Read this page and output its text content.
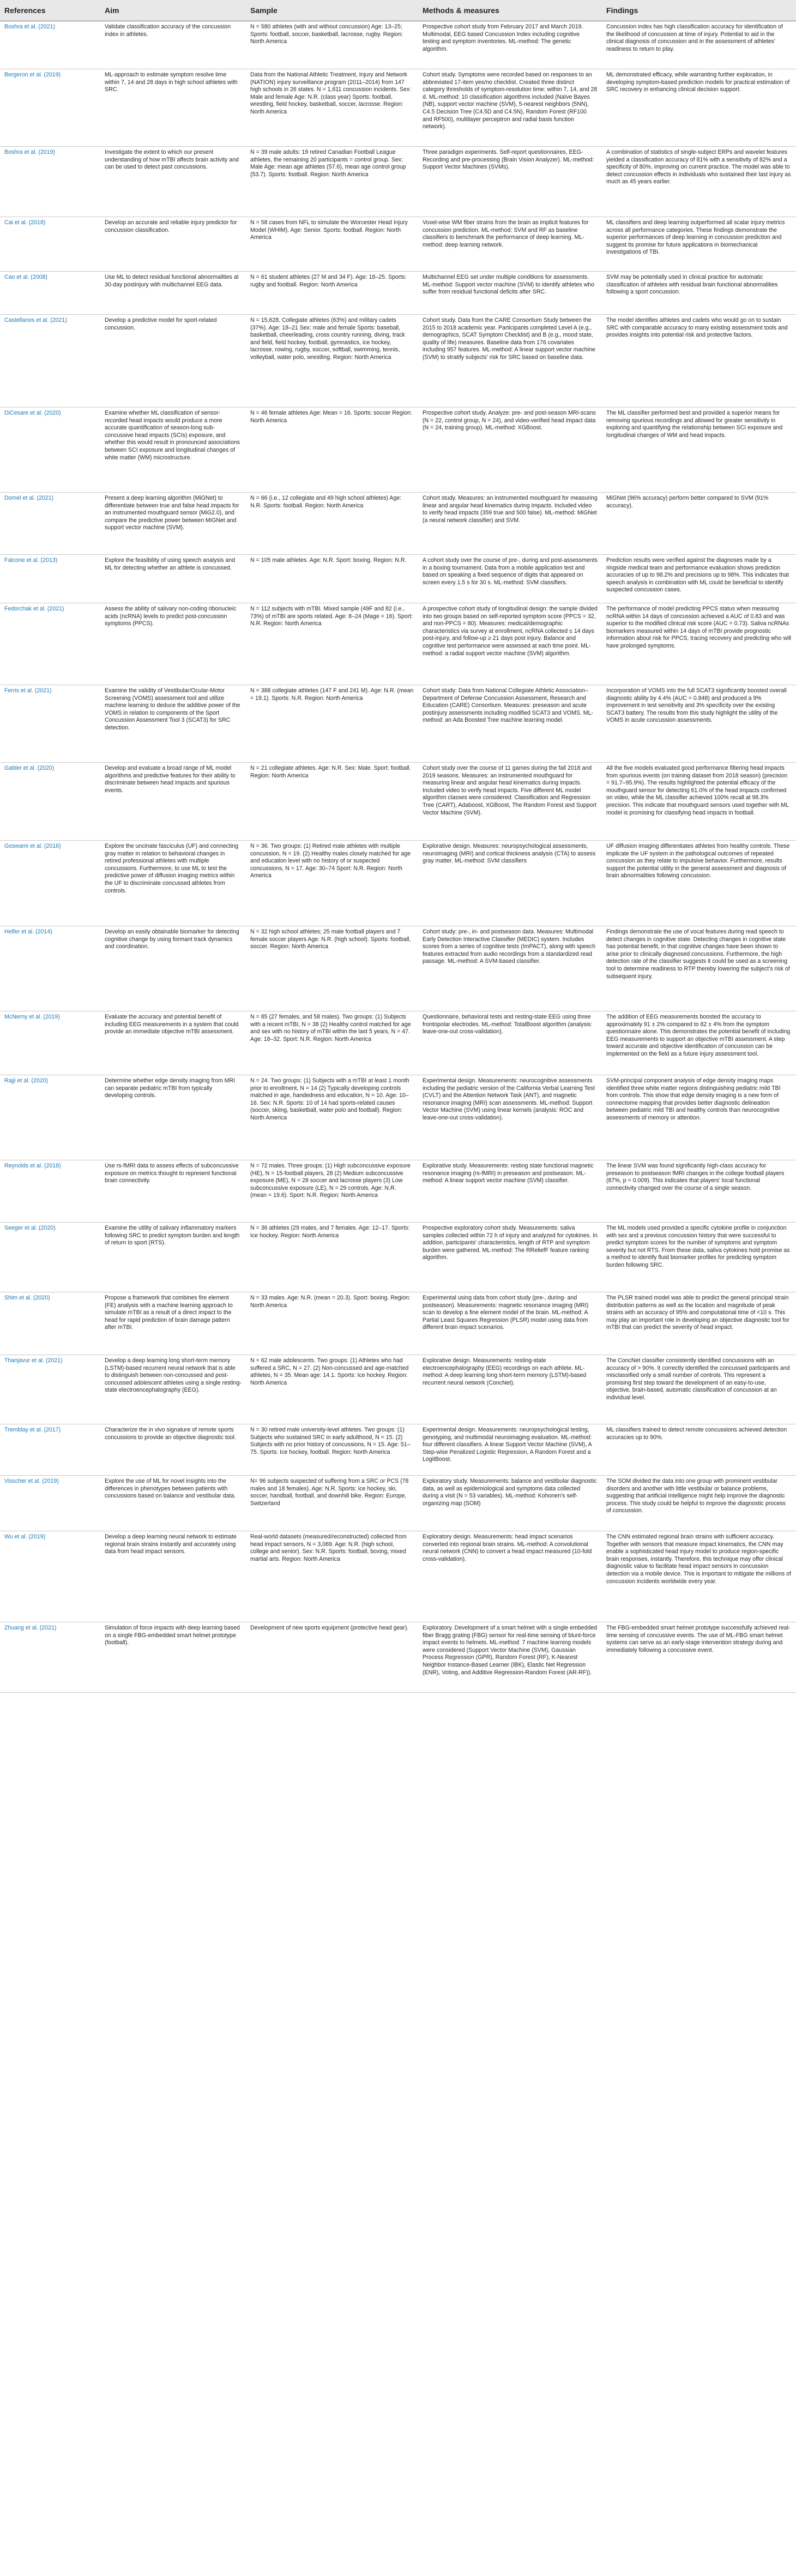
References	Aim	Sample	Methods & measures	Findings
Boshra et al. (2021)	Validate classification accuracy of the concussion index in athletes.
N = 580 athletes (with and without concussion) Age: 13–25; Sports: football, soccer, basketball, lacrosse, rugby. Region: North America
Prospective cohort study from February 2017 and March 2019. Multimodal, EEG based Concussion Index including cognitive testing and symptom inventories. ML-method: The genetic algorithm.
Concussion index has high classification accuracy for identification of the likelihood of concussion at time of injury. Potential to aid in the clinical diagnosis of concussion and in the assessment of athletes' readiness to return to play.
Bergeron et al. (2019)	ML-approach to estimate symptom resolve time within 7, 14 and 28 days in high school athletes with SRC.
Data from the National Athletic Treatment, Injury and Network (NATION) injury surveillance program (2011–2014) from 147 high schools in 26 states. N = 1,611 concussion incidents. Sex: Male and female Age: N.R. (class year) Sports: football, wrestling, field hockey, basketball, soccer, lacrosse. Region: North America
Cohort study. Symptoms were recorded based on responses to an abbreviated 17-item yes/no checklist. Created three distinct category thresholds of symptom-resolution time: within 7, 14, and 28 d. ML-method: 10 classification algorithms included (Naïve Bayes (NB), support vector machine (SVM), 5-nearest neighbors (5NN), C4.5 Decision Tree (C4.5D and C4.5N), Random Forest (RF100 and RF500), multilayer perceptron and radial basis function network).
ML demonstrated efficacy, while warranting further exploration, in developing symptom-based prediction models for practical estimation of SRC recovery in enhancing clinical decision support.
Boshra et al. (2019)	Investigate the extent to which our present understanding of how mTBI affects brain activity and can be used to detect past concussions.
N = 39 male adults: 19 retired Canadian Football League athletes, the remaining 20 participants = control group. Sex: Male Age: mean age athletes (57.6), mean age control group (53.7). Sports: football. Region: North America
Three paradigm experiments. Self-report questionnaires, EEG-Recording and pre-processing (Brain Vision Analyzer). ML-method: Support Vector Machines (SVMs).
A combination of statistics of single-subject ERPs and wavelet features yielded a classification accuracy of 81% with a sensitivity of 82% and a specificity of 80%, improving on current practice. The model was able to detect concussion effects in individuals who sustained their last injury as much as 45 years earlier.
Cai et al. (2018)	Develop an accurate and reliable injury predictor for concussion classification.
N = 58 cases from NFL to simulate the Worcester Head Injury Model (WHIM). Age: Senior. Sports: football. Region: North America
Voxel-wise WM fiber strains from the brain as implicit features for concussion prediction. ML-method: SVM and RF as baseline classifiers to benchmark the performance of deep learning. ML-method: deep learning network.
ML classifiers and deep learning outperformed all scalar injury metrics across all performance categories. These findings demonstrate the superior performances of deep learning in concussion prediction and suggest its promise for future applications in biomechanical investigations of TBI.
Cao et al. (2008)	Use ML to detect residual functional abnormalities at 30-day postinjury with multichannel EEG data.
N = 61 student athletes (27 M and 34 F). Age: 18–25. Sports: rugby and football. Region: North America
Multichannel EEG set under multiple conditions for assessments. ML-method: Support vector machine (SVM) to identify athletes who suffer from residual functional deficits after SRC.
SVM may be potentially used in clinical practice for automatic classification of athletes with residual brain functional abnormalities following a sport concussion.
Castellanos et al. (2021)	Develop a predictive model for sport-related concussion.
N = 15,628. Collegiate athletes (63%) and military cadets (37%). Age: 18–21 Sex: male and female Sports: baseball, basketball, cheerleading, cross country running, diving, track and field, field hockey, football, gymnastics, ice hockey, lacrosse, rowing, rugby, soccer, softball, swimming, tennis, volleyball, water polo, wrestling. Region: North America
Cohort study. Data from the CARE Consortium Study between the 2015 to 2018 academic year. Participants completed Level A (e.g., demographics, SCAT Symptom Checklist) and B (e.g., mood state, quality of life) measures. Baseline data from 176 covariates including 957 features. ML-method: A linear support vector machine (SVM) to stratify subjects' risk for SRC based on baseline data.
The model identifies athletes and cadets who would go on to sustain SRC with comparable accuracy to many existing assessment tools and provides insights into potential risk and protective factors.
DiCesare et al. (2020)	Examine whether ML classification of sensor-recorded head impacts would produce a more accurate quantification of season-long sub-concussive head impacts (SCIs) exposure, and whether this would result in pronounced associations between SCI exposure and longitudinal changes of white matter (WM) microstructure.
N = 46 female athletes Age: Mean = 16. Sports: soccer Region: North America
Prospective cohort study. Analyze: pre- and post-season MRI-scans (N = 22, control group, N = 24), and video-verified head impact data (N = 24, training group). ML-method: XGBoost.
The ML classifier performed best and provided a superior means for removing spurious recordings and allowed for greater sensitivity in exploring and quantifying the relationship between SCI exposure and longitudinal changes of WM and head impacts.
Domel et al. (2021)	Present a deep learning algorithm (MiGNet) to differentiate between true and false head impacts for an instrumented mouthguard sensor (MiG2.0), and compare the predictive power between MiGNet and support vector machine (SVM).
N = 66 (i.e., 12 collegiate and 49 high school athletes) Age: N.R. Sports: football. Region: North America
Cohort study. Measures: an instrumented mouthguard for measuring linear and angular head kinematics during impacts. Included video to verify head impacts (359 true and 500 false). ML-method: MiGNet (a neural network classifier) and SVM.
MiGNet (96% accuracy) perform better compared to SVM (91% accuracy).
Falcone et al. (2013)	Explore the feasibility of using speech analysis and ML for detecting whether an athlete is concussed.
N = 105 male athletes. Age: N.R. Sport: boxing. Region: N.R.	A cohort study over the course of pre-, during and post-assessments in a boxing tournament. Data from a mobile application test and based on speaking a fixed sequence of digits that appeared on screen every 1.5 s for 30 s. ML-method: SVM classifiers.
Prediction results were verified against the diagnoses made by a ringside medical team and performance evaluation shows prediction accuracies of up to 98.2% and precisions up to 98%. This indicates that speech analysis in combination with ML could be beneficial to identify suspected concussion cases.
Fedorchak et al. (2021)	Assess the ability of salivary non-coding ribonucleic acids (ncRNA) levels to predict post-concussion symptoms (PPCS).
N = 112 subjects with mTBI. Mixed sample (49F and 82 (i.e., 73%) of mTBI are sports related. Age: 8–24 (Mage = 16). Sport: N.R. Region: North America
A prospective cohort study of longitudinal design: the sample divided into two groups based on self-reported symptom score (PPCS = 32, and non-PPCS = 80). Measures: medical/demographic characteristics via survey at enrollment, ncRNA collected ≤ 14 days post-injury, and follow-up ≥ 21 days post injury. Balance and cognitive test performance were assessed at each time point. ML-method: a radial support vector machine (SVM) algorithm.
The performance of model predicting PPCS status when measuring ncRNA within 14 days of concussion achieved a AUC of 0.83 and was superior to the modified clinical risk score (AUC = 0.73). Saliva ncRNAs biomarkers measured within 14 days of mTBI provide prognostic information about risk for PPCS, tracing recovery and predicting who will have prolonged symptoms.
Ferris et al. (2021)	Examine the validity of Vestibular/Ocular-Motor Screening (VOMS) assessment tool and utilize machine learning to deduce the additive power of the VOMS in relation to components of the Sport Concussion Assessment Tool 3 (SCAT3) for SRC detection.
N = 388 collegiate athletes (147 F and 241 M). Age: N.R. (mean = 19.1). Sports: N.R. Region: North America
Cohort study: Data from National Collegiate Athletic Association–Department of Defense Concussion Assessment, Research and Education (CARE) Consortium. Measures: preseason and acute postinjury assessments including modified SCAT3 and VOMS. ML-method: an Ada Boosted Tree machine learning model.
Incorporation of VOMS into the full SCAT3 significantly boosted overall diagnostic ability by 4.4% (AUC = 0.848) and produced a 9% improvement in test sensitivity and 3% specificity over the existing SCAT3 battery. The results from this study highlight the utility of the VOMS in acute concussion assessments.
Gabler et al. (2020)	Develop and evaluate a broad range of ML model algorithms and predictive features for their ability to discriminate between head impacts and spurious events.
N = 21 collegiate athletes. Age: N.R. Sex: Male. Sport: football. Region: North America
Cohort study over the course of 11 games during the fall 2018 and 2019 seasons. Measures: an instrumented mouthguard for measuring linear and angular head kinematics during impacts. Included video to verify head impacts. Five different ML model algorithm classes were considered: Classification and Regression Tree (CART), Adaboost, XGBoost, The Random Forest and Support Vector Machine (SVM).
All the five models evaluated good performance filtering head impacts from spurious events (on training dataset from 2018 season) (precision = 91.7–95.9%). The results highlighted the potential efficacy of the mouthguard sensor for detecting 61.0% of the head impacts confirmed on video, while the ML classifier achieved 100% recall at 98.3% precision. This indicate that mouthguard sensors used together with ML model is promising for classifying head impacts in football.
Goswami et al. (2016)	Explore the uncinate fasciculus (UF) and connecting gray matter in relation to behavioral changes in retired professional athletes with multiple concussions. Furthermore, to use ML to test the predictive power of diffusion imaging metrics within the UF to discriminate concussed athletes from controls.
N = 36. Two groups: (1) Retired male athletes with multiple concussion, N = 19. (2) Healthy males closely matched for age and education level with no history of or suspected concussions, N = 17. Age: 30–74 Sport: N.R. Region: North America
Explorative design. Measures: neuropsychological assessments, neuroimaging (MRI) and cortical thickness analysis (CTA) to assess gray matter. ML-method: SVM classifiers
UF diffusion imaging differentiates athletes from healthy controls. These implicate the UF system in the pathological outcomes of repeated concussion as they relate to impulsive behavior. Furthermore, results support the potential utility in the general assessment and diagnosis of brain abnormalities following concussion.
Helfer et al. (2014)	Develop an easily obtainable biomarker for detecting cognitive change by using formant track dynamics and coordination.
N = 32 high school athletes; 25 male football players and 7 female soccer players Age: N.R. (high school). Sports: football, soccer. Region: North America
Cohort study: pre-, in- and postseason data. Measures: Multimodal Early Detection Interactive Classifier (MEDIC) system. Includes scores from a series of cognitive tests (ImPACT), along with speech features extracted from audio recordings from a standardized read passage. ML-method: A SVM-based classifier.
Findings demonstrate the use of vocal features during read speech to detect changes in cognitive state. Detecting changes in cognitive state has potential benefit, in that cognitive changes have been shown to arise prior to clinically diagnosed concussions. Furthermore, the high detection rate of the classifier suggests it could be used as a screening tool to determine readiness to RTP thereby lowering the subject's risk of subsequent injury.
McNerny et al. (2019)	Evaluate the accuracy and potential benefit of including EEG measurements in a system that could provide an immediate objective mTBI assessment.
N = 85 (27 females, and 58 males). Two groups: (1) Subjects with a recent mTBI, N = 38 (2) Healthy control matched for age and sex with no history of mTBI within the last 5 years, N = 47. Age: 18–32. Sport: N.R. Region: North America
Questionnaire, behavioral tests and resting-state EEG using three frontopolar electrodes. ML-method: TotalBoost algorithm (analysis: leave-one-out cross-validation).
The addition of EEG measurements boosted the accuracy to approximately 91 ± 2% compared to 82 ± 4% from the symptom questionnaire alone. This demonstrates the potential benefit of including EEG measurements to support an objective mTBI assessment. A step toward accurate and objective identification of concussion can be implemented on the field as a future injury assessment tool.
Rajji et al. (2020)	Determine whether edge density imaging from MRI can separate pediatric mTBI from typically developing controls.
N = 24. Two groups: (1) Subjects with a mTBI at least 1 month prior to enrollment, N = 14 (2) Typically developing controls matched in age, handedness and education, N = 10. Age: 10–16. Sex: N.R. Sports: 10 of 14 had sports-related causes (soccer, skiing, basketball, water polo and football). Region: North America
Experimental design. Measurements: neurocognitive assessments including the pediatric version of the California Verbal Learning Test (CVLT) and the Attention Network Task (ANT), and magnetic resonance imaging (MRI) scan assessments. ML-method: Support Vector Machine (SVM) using linear kernels (analysis: ROC and leave-one-out cross-validation).
SVM-principal component analysis of edge density imaging maps identified three white matter regions distinguishing pediatric mild TBI from controls. This show that edge density imaging is a new form of connectome mapping that provides better diagnostic delineation between pediatric mild TBI and healthy controls than neurocognitive assessments of memory or attention.
Reynolds et al. (2018)	Use rs-fMRI data to assess effects of subconcussive exposure on metrics thought to represent functional brain connectivity.
N = 72 males. Three groups: (1) High subconcussive exposure (HE), N = 15-football players, 28 (2) Medium subconcussive exposure (ME), N = 28 soccer and lacrosse players (3) Low subconcussive exposure (LE), N = 29 controls. Age: N.R. (mean = 19.6). Sport: N.R. Region: North America
Explorative study. Measurements: resting state functional magnetic resonance imaging (rs-fMRI) in preseason and postseason. ML-method: A linear support vector machine (SVM) classifier.
The linear SVM was found significantly high-class accuracy for preseason to postseason fMRI changes in the college football players (87%, p = 0.009). This indicates that players' local functional connectivity changed over the course of a single season.
Seeger et al. (2020)	Examine the utility of salivary inflammatory markers following SRC to predict symptom burden and length of return to sport (RTS).
N = 36 athletes (29 males, and 7 females. Age: 12–17. Sports: Ice hockey. Region: North America
Prospective exploratory cohort study. Measurements: saliva samples collected within 72 h of injury and analyzed for cytokines. In addition, participants' characteristics, length of RTP and symptom burden were gathered. ML-method: The RReliefF feature ranking algorithm.
The ML models used provided a specific cytokine profile in conjunction with sex and a previous concussion history that were successful to predict symptom scores for the number of symptoms and symptom severity but not RTS. From these data, saliva cytokines hold promise as a method to identify fluid biomarker profiles for predicting symptom burden following SRC.
Shim et al. (2020)	Propose a framework that combines fire element (FE) analysis with a machine learning approach to simulate mTBI as a result of a direct impact to the head for rapid prediction of brain damage pattern after mTBI.
N = 33 males. Age: N.R. (mean = 20.3). Sport: boxing. Region: North America
Experimental using data from cohort study (pre-, during- and postseason). Measurements: magnetic resonance imaging (MRI) scan to develop a fine element model of the brain. ML-method: A Partial Least Squares Regression (PLSR) model using data from different brain impact scenarios.
The PLSR trained model was able to predict the general principal strain distribution patterns as well as the location and magnitude of peak strains with an accuracy of 95% and computational time of <10 s. This may play an important role in developing an objective diagnostic tool for mTBI that can predict the severity of head impact.
Thanjavur et al. (2021)	Develop a deep learning long short-term memory (LSTM)-based recurrent neural network that is able to distinguish between non-concussed and post-concussed adolescent athletes using a single resting-state electroencephalography (EEG).
N = 62 male adolescents. Two groups: (1) Athletes who had suffered a SRC, N = 27. (2) Non-concussed and age-matched athletes, N = 35. Mean age: 14.1. Sports: Ice hockey. Region: North America
Explorative design. Measurements: resting-state electroencephalography (EEG) recordings on each athlete. ML-method: A deep learning long short-term memory (LSTM)-based recurrent neural network (ConcNet).
The ConcNet classifier consistently identified concussions with an accuracy of > 90%. It correctly identified the concussed participants and misclassified only a small number of controls. This represent a promising first step toward the development of an easy-to-use, objective, brain-based, automatic classification of concussion at an individual level.
Tremblay et al. (2017)	Characterize the in vivo signature of remote sports concussions to provide an objective diagnostic tool.
N = 30 retired male university-level athletes. Two groups: (1) Subjects who sustained SRC in early adulthood, N = 15. (2) Subjects with no prior history of concussions, N = 15. Age: 51–75. Sports: Ice hockey, football. Region: North America
Experimental design. Measurements: neuropsychological testing, genotyping, and multimodal neuroimaging evaluation. ML-method: four different classifiers. A linear Support Vector Machine (SVM), A Step-wise Penalized Logistic Regression, A Random Forest and a LogitBoost.
ML classifiers trained to detect remote concussions achieved detection accuracies up to 90%.
Visscher et al. (2019)	Explore the use of ML for novel insights into the differences in phenotypes between patients with concussions based on balance and vestibular data.
N= 96 subjects suspected of suffering from a SRC or PCS (78 males and 18 females). Age: N.R. Sports: ice hockey, ski, soccer, handball, football, and downhill bike. Region: Europe, Switzerland
Exploratory study. Measurements: balance and vestibular diagnostic data, as well as epidemiological and symptoms data collected during a visit (N = 53 variables). ML-method: Kohonen's self-organizing map (SOM)
The SOM divided the data into one group with prominent vestibular disorders and another with little vestibular or balance problems, suggesting that artificial intelligence might help improve the diagnostic process. This study could be helpful to improve the diagnostic process of concussion.
Wu et al. (2019)	Develop a deep learning neural network to estimate regional brain strains instantly and accurately using data from head impact sensors.
Real-world datasets (measured/reconstructed) collected from head impact sensors, N = 3,069. Age: N.R. (high school, college and senior). Sex: N.R. Sports: football, boxing, mixed martial arts. Region: North America
Exploratory design. Measurements: head impact scenarios converted into regional brain strains. ML-method: A convolutional neural network (CNN) to convert a head impact measured (10-fold cross-validation).
The CNN estimated regional brain strains with sufficient accuracy. Together with sensors that measure impact kinematics, the CNN may enable a sophisticated head injury model to produce region-specific brain responses, instantly. Therefore, this technique may offer clinical diagnostic value to facilitate head impact sensors in concussion detection via a mobile device. This is important to mitigate the millions of concussion incidents worldwide every year.
Zhuang et al. (2021)	Simulation of force impacts with deep learning based on a single FBG-embedded smart helmet prototype (football).
Development of new sports equipment (protective head gear).	Exploratory. Development of a smart helmet with a single embedded fiber Bragg grating (FBG) sensor for real-time sensing of blunt-force impact events to helmets. ML-method: 7 machine learning models were considered (Support Vector Machine (SVM), Gaussian Process Regression (GPR), Random Forest (RF), K-Nearest Neighbor Instance-Based Learner (IBK), Elastic Net Regression (ENR), Voting, and Additive Regression-Random Forest (AR-RF)).
The FBG-embedded smart helmet prototype successfully achieved real-time sensing of concussive events. The use of ML-FBG smart helmet systems can serve as an early-stage intervention strategy during and immediately following a concussive event.
